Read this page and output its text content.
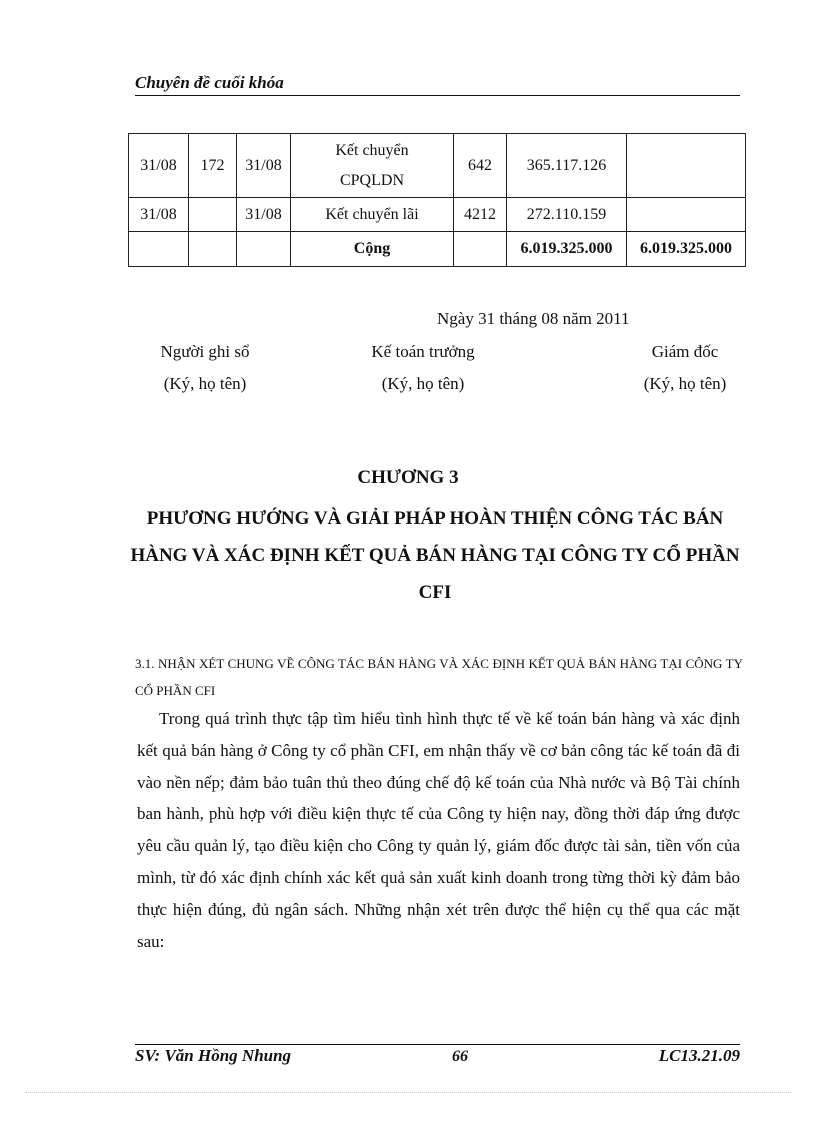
Chuyên đề cuối khóa
31/08	172	31/08	Kết chuyển
CPQLDN	642	365.117.126	
31/08		31/08	Kết chuyển lãi	4212	272.110.159	
			Cộng		6.019.325.000	6.019.325.000
Ngày 31 tháng 08 năm 2011
Người ghi sổ
(Ký, họ tên)
Kế toán trưởng
(Ký, họ tên)
Giám đốc
(Ký, họ tên)
CHƯƠNG 3
PHƯƠNG HƯỚNG VÀ GIẢI PHÁP HOÀN THIỆN CÔNG TÁC BÁN HÀNG VÀ XÁC ĐỊNH KẾT QUẢ BÁN HÀNG TẠI CÔNG TY CỔ PHẦN CFI
3.1. NHẬN XÉT CHUNG VỀ CÔNG TÁC BÁN HÀNG VÀ XÁC ĐỊNH KẾT QUẢ BÁN HÀNG TẠI CÔNG TY CỔ PHẦN CFI

Trong quá trình thực tập tìm hiểu tình hình thực tế về kế toán bán hàng và xác định kết quả bán hàng ở Công ty cổ phần CFI, em nhận thấy về cơ bản công tác kế toán đã đi vào nền nếp; đảm bảo tuân thủ theo đúng chế độ kế toán của Nhà nước và Bộ Tài chính ban hành, phù hợp với điều kiện thực tế của Công ty hiện nay, đồng thời đáp ứng được yêu cầu quản lý, tạo điều kiện cho Công ty quản lý, giám đốc được tài sản, tiền vốn của mình, từ đó xác định chính xác kết quả sản xuất kinh doanh trong từng thời kỳ đảm bảo thực hiện đúng, đủ ngân sách. Những nhận xét trên được thể hiện cụ thể qua các mặt sau:

SV: Văn Hồng Nhung	66	LC13.21.09
